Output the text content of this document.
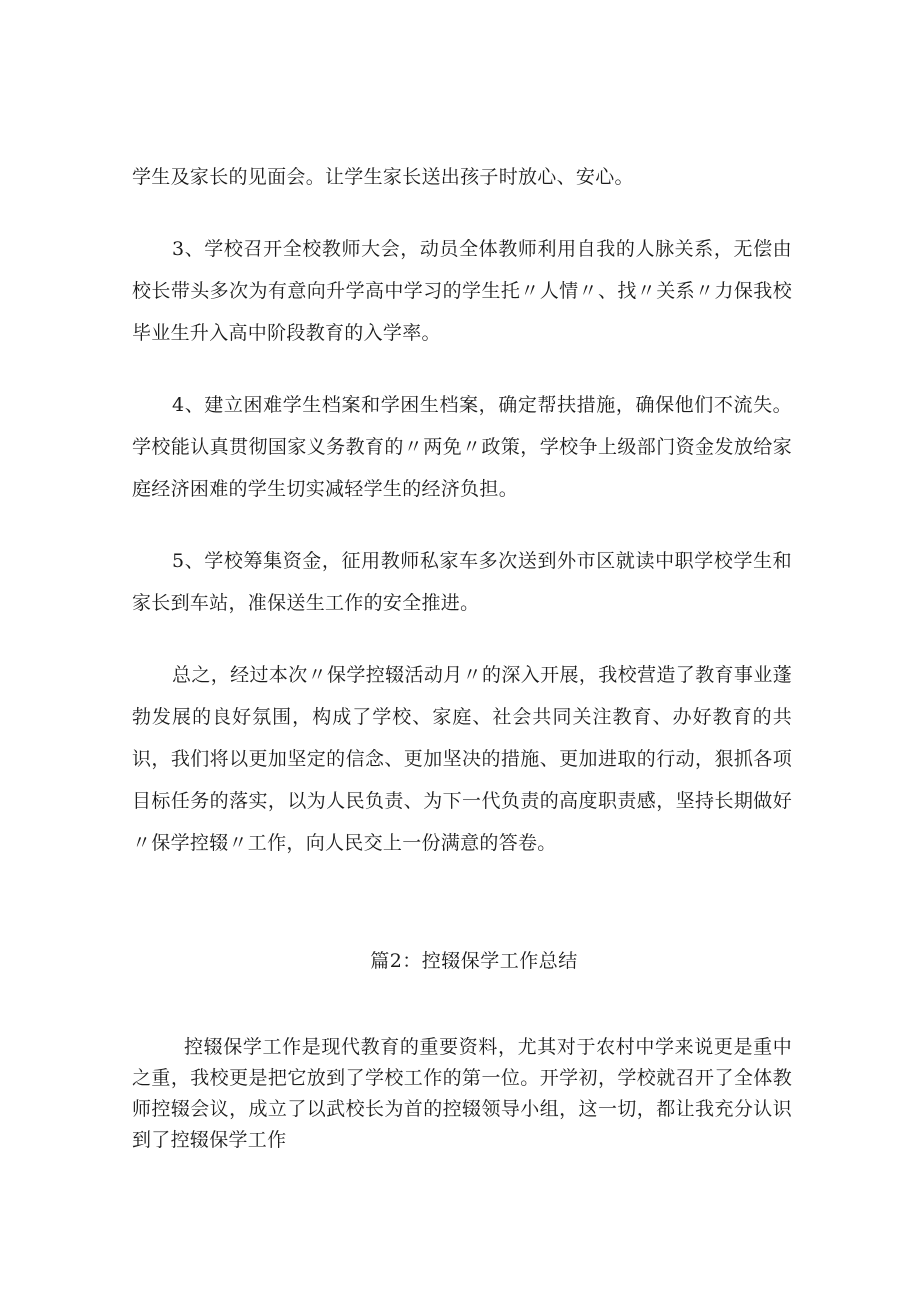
学生及家长的见面会。让学生家长送出孩子时放心、安心。

3、学校召开全校教师大会，动员全体教师利用自我的人脉关系，无偿由校长带头多次为有意向升学高中学习的学生托〃人情〃、找〃关系〃力保我校毕业生升入高中阶段教育的入学率。

4、建立困难学生档案和学困生档案，确定帮扶措施，确保他们不流失。学校能认真贯彻国家义务教育的〃两免〃政策，学校争上级部门资金发放给家庭经济困难的学生切实减轻学生的经济负担。

5、学校筹集资金，征用教师私家车多次送到外市区就读中职学校学生和家长到车站，准保送生工作的安全推进。

总之，经过本次〃保学控辍活动月〃的深入开展，我校营造了教育事业蓬勃发展的良好氛围，构成了学校、家庭、社会共同关注教育、办好教育的共识，我们将以更加坚定的信念、更加坚决的措施、更加进取的行动，狠抓各项目标任务的落实，以为人民负责、为下一代负责的高度职责感，坚持长期做好〃保学控辍〃工作，向人民交上一份满意的答卷。

篇2：控辍保学工作总结

控辍保学工作是现代教育的重要资料，尤其对于农村中学来说更是重中之重，我校更是把它放到了学校工作的第一位。开学初，学校就召开了全体教师控辍会议，成立了以武校长为首的控辍领导小组，这一切，都让我充分认识到了控辍保学工作
